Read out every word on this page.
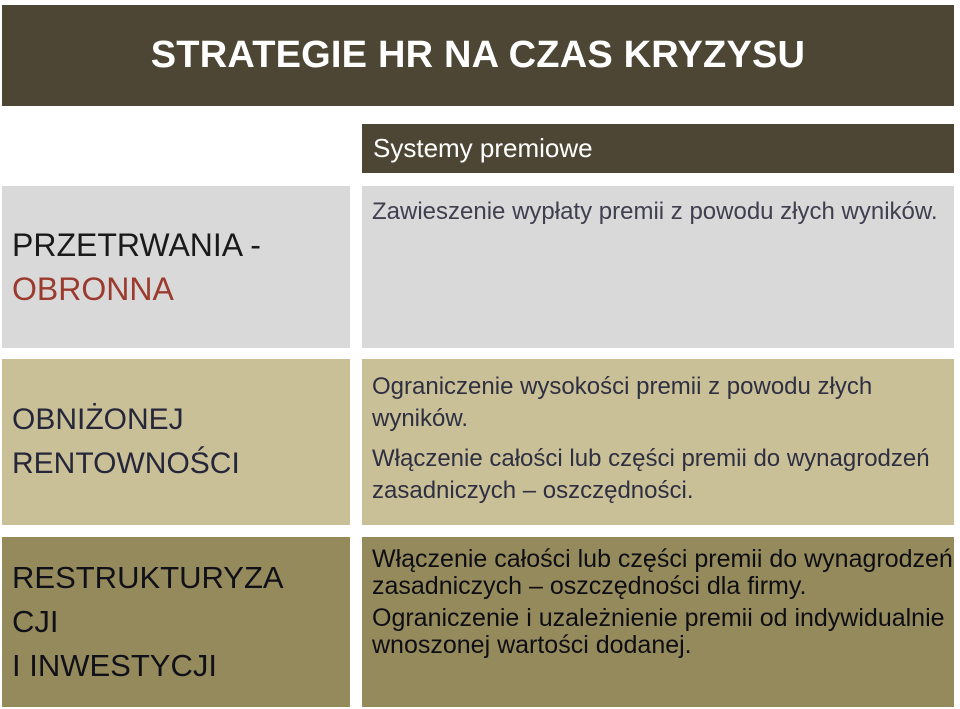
STRATEGIE HR NA CZAS KRYZYSU
Systemy premiowe
PRZETRWANIA -
OBRONNA

Zawieszenie wypłaty premii z powodu złych wyników.

OBNIŻONEJ
RENTOWNOŚCI

Ograniczenie wysokości premii z powodu złych wyników.

Włączenie całości lub części premii do wynagrodzeń zasadniczych – oszczędności.

RESTRUKTURYZA
CJI
I INWESTYCJI

Włączenie całości lub części premii do wynagrodzeń zasadniczych – oszczędności dla firmy.

Ograniczenie i uzależnienie premii od indywidualnie wnoszonej wartości dodanej.
